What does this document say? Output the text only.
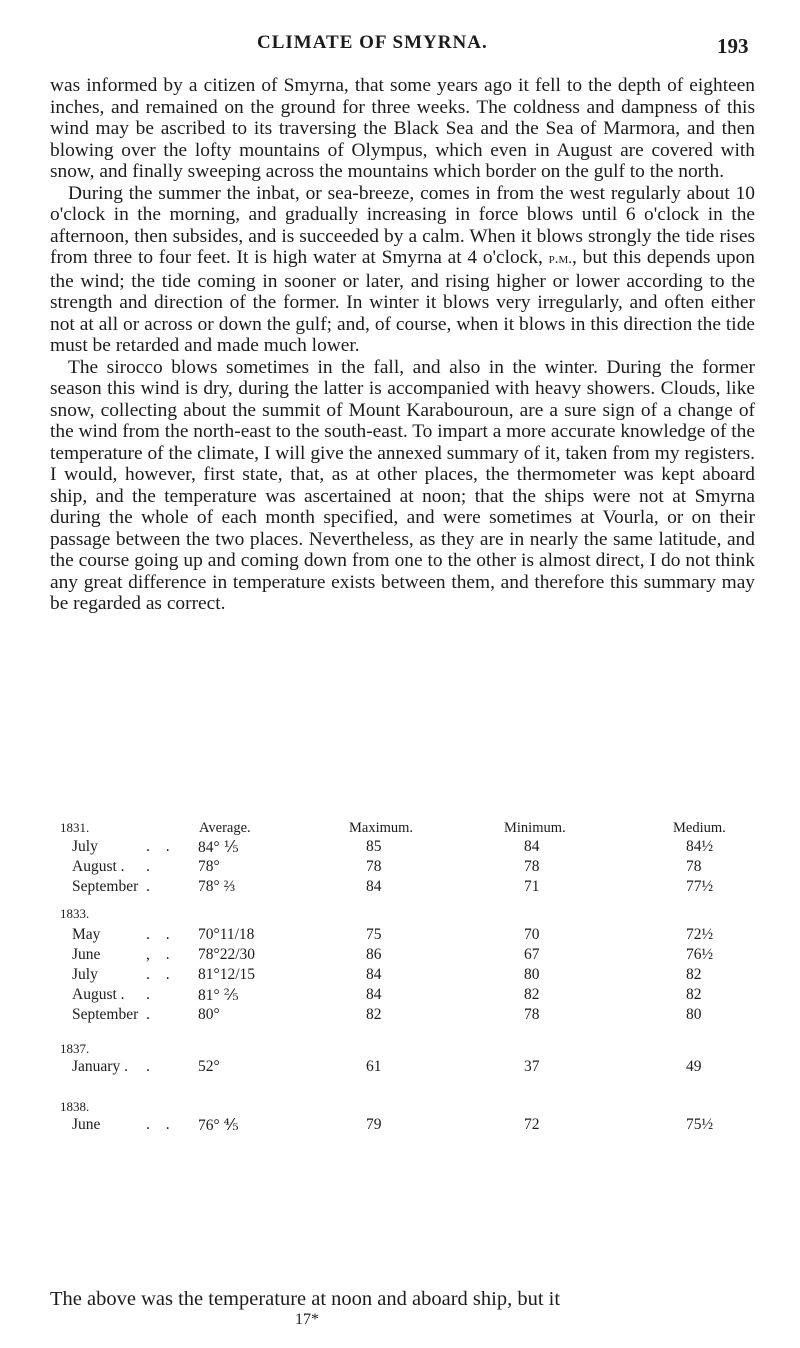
CLIMATE OF SMYRNA.	193

was informed by a citizen of Smyrna, that some years ago it fell to the depth of eighteen inches, and remained on the ground for three weeks. The coldness and dampness of this wind may be ascribed to its traversing the Black Sea and the Sea of Marmora, and then blowing over the lofty mountains of Olympus, which even in August are covered with snow, and finally sweeping across the mountains which border on the gulf to the north.

During the summer the inbat, or sea-breeze, comes in from the west regularly about 10 o'clock in the morning, and gradually increasing in force blows until 6 o'clock in the afternoon, then subsides, and is succeeded by a calm. When it blows strongly the tide rises from three to four feet. It is high water at Smyrna at 4 o'clock, p.m., but this depends upon the wind; the tide coming in sooner or later, and rising higher or lower according to the strength and direction of the former. In winter it blows very irregularly, and often either not at all or across or down the gulf; and, of course, when it blows in this direction the tide must be retarded and made much lower.

The sirocco blows sometimes in the fall, and also in the winter. During the former season this wind is dry, during the latter is accompanied with heavy showers. Clouds, like snow, collecting about the summit of Mount Karabouroun, are a sure sign of a change of the wind from the north-east to the south-east. To impart a more accurate knowledge of the temperature of the climate, I will give the annexed summary of it, taken from my registers. I would, however, first state, that, as at other places, the thermometer was kept aboard ship, and the temperature was ascertained at noon; that the ships were not at Smyrna during the whole of each month specified, and were sometimes at Vourla, or on their passage between the two places. Nevertheless, as they are in nearly the same latitude, and the course going up and coming down from one to the other is almost direct, I do not think any great difference in temperature exists between them, and therefore this summary may be regarded as correct.

Average.	Maximum.	Minimum.	Medium.
1831.
July	. . 84° ⅕	85	84	84½
August . .	78°	78	78	78
September .	78° ⅔	84	71	77½
1833.
May	. . 70°11/18	75	70	72½
June	, . 78°22/30	86	67	76½
July	. . 81°12/15	84	80	82
August . .	81° ⅖	84	82	82
September .	80°	82	78	80
1837.
January . .	52°	61	37	49
1838.
June	. . 76° ⅘	79	72	75½
The above was the temperature at noon and aboard ship, but it
17*
